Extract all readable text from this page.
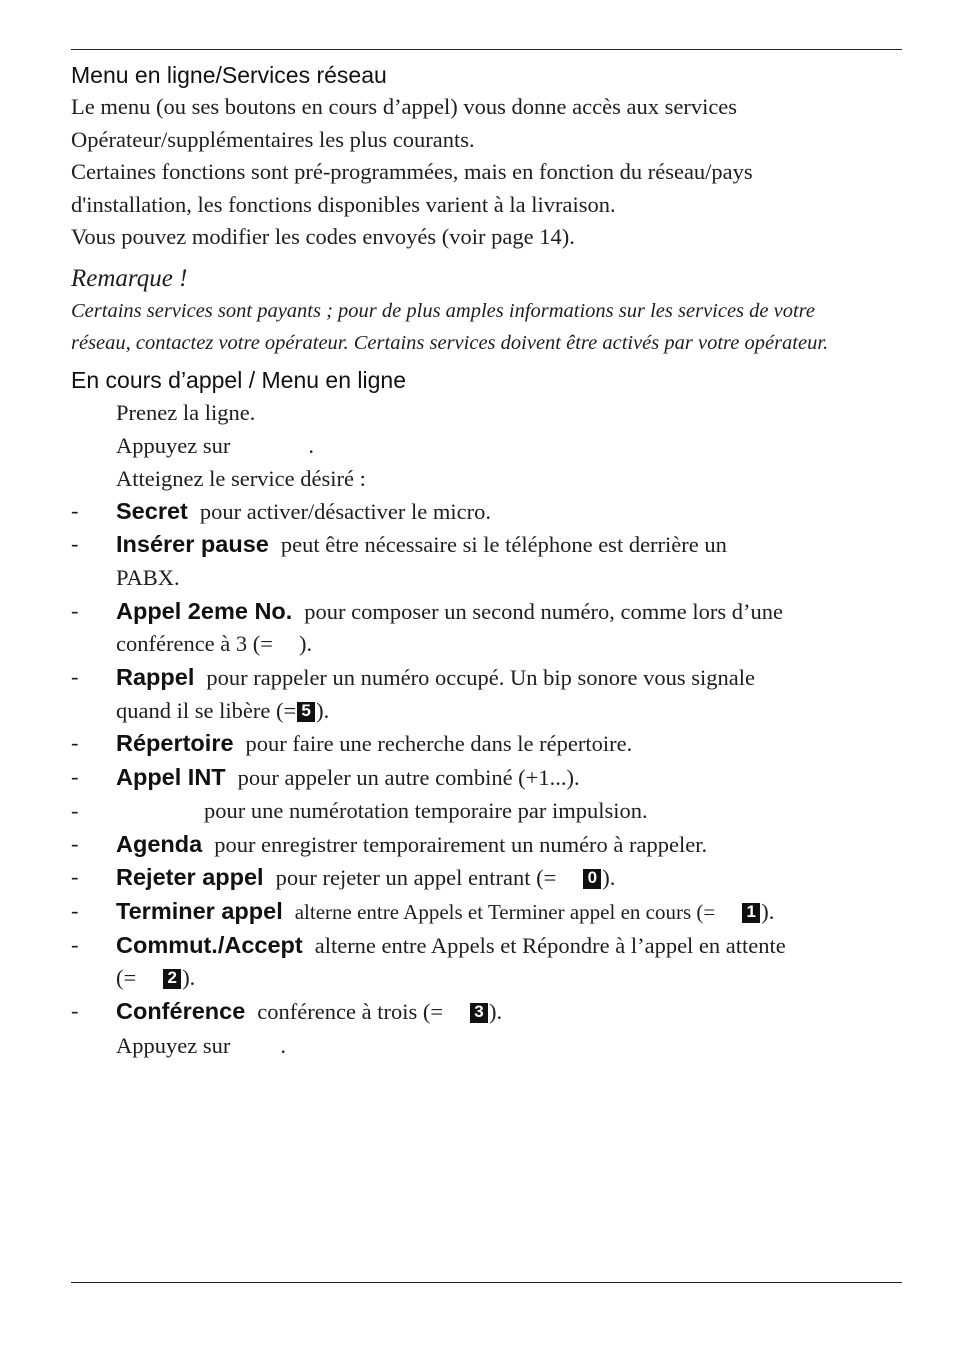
Menu en ligne/Services réseau
Le menu (ou ses boutons en cours d’appel) vous donne accès aux services
Opérateur/supplémentaires les plus courants.
Certaines fonctions sont pré-programmées, mais en fonction du réseau/pays
d'installation, les fonctions disponibles varient à la livraison.
Vous pouvez modifier les codes envoyés (voir page 14).
Remarque !
Certains services sont payants ; pour de plus amples informations sur les services de votre
réseau, contactez votre opérateur. Certains services doivent être activés par votre opérateur.
En cours d’appel / Menu en ligne
Prenez la ligne.
Appuyez sur	.
Atteignez le service désiré :
- Secret pour activer/désactiver le micro.
- Insérer pause peut être nécessaire si le téléphone est derrière un
PABX.
- Appel 2eme No. pour composer un second numéro, comme lors d’une
conférence à 3 (= ).
- Rappel pour rappeler un numéro occupé. Un bip sonore vous signale
quand il se libère (= 5 ).
- Répertoire pour faire une recherche dans le répertoire.
- Appel INT pour appeler un autre combiné (+1...).
-	pour une numérotation temporaire par impulsion.
- Agenda pour enregistrer temporairement un numéro à rappeler.
- Rejeter appel pour rejeter un appel entrant (= 0 ).
- Terminer appel alterne entre Appels et Terminer appel en cours (= 1 ).
- Commut./Accept alterne entre Appels et Répondre à l’appel en attente
(= 2 ).
- Conférence conférence à trois (= 3 ).
Appuyez sur .
